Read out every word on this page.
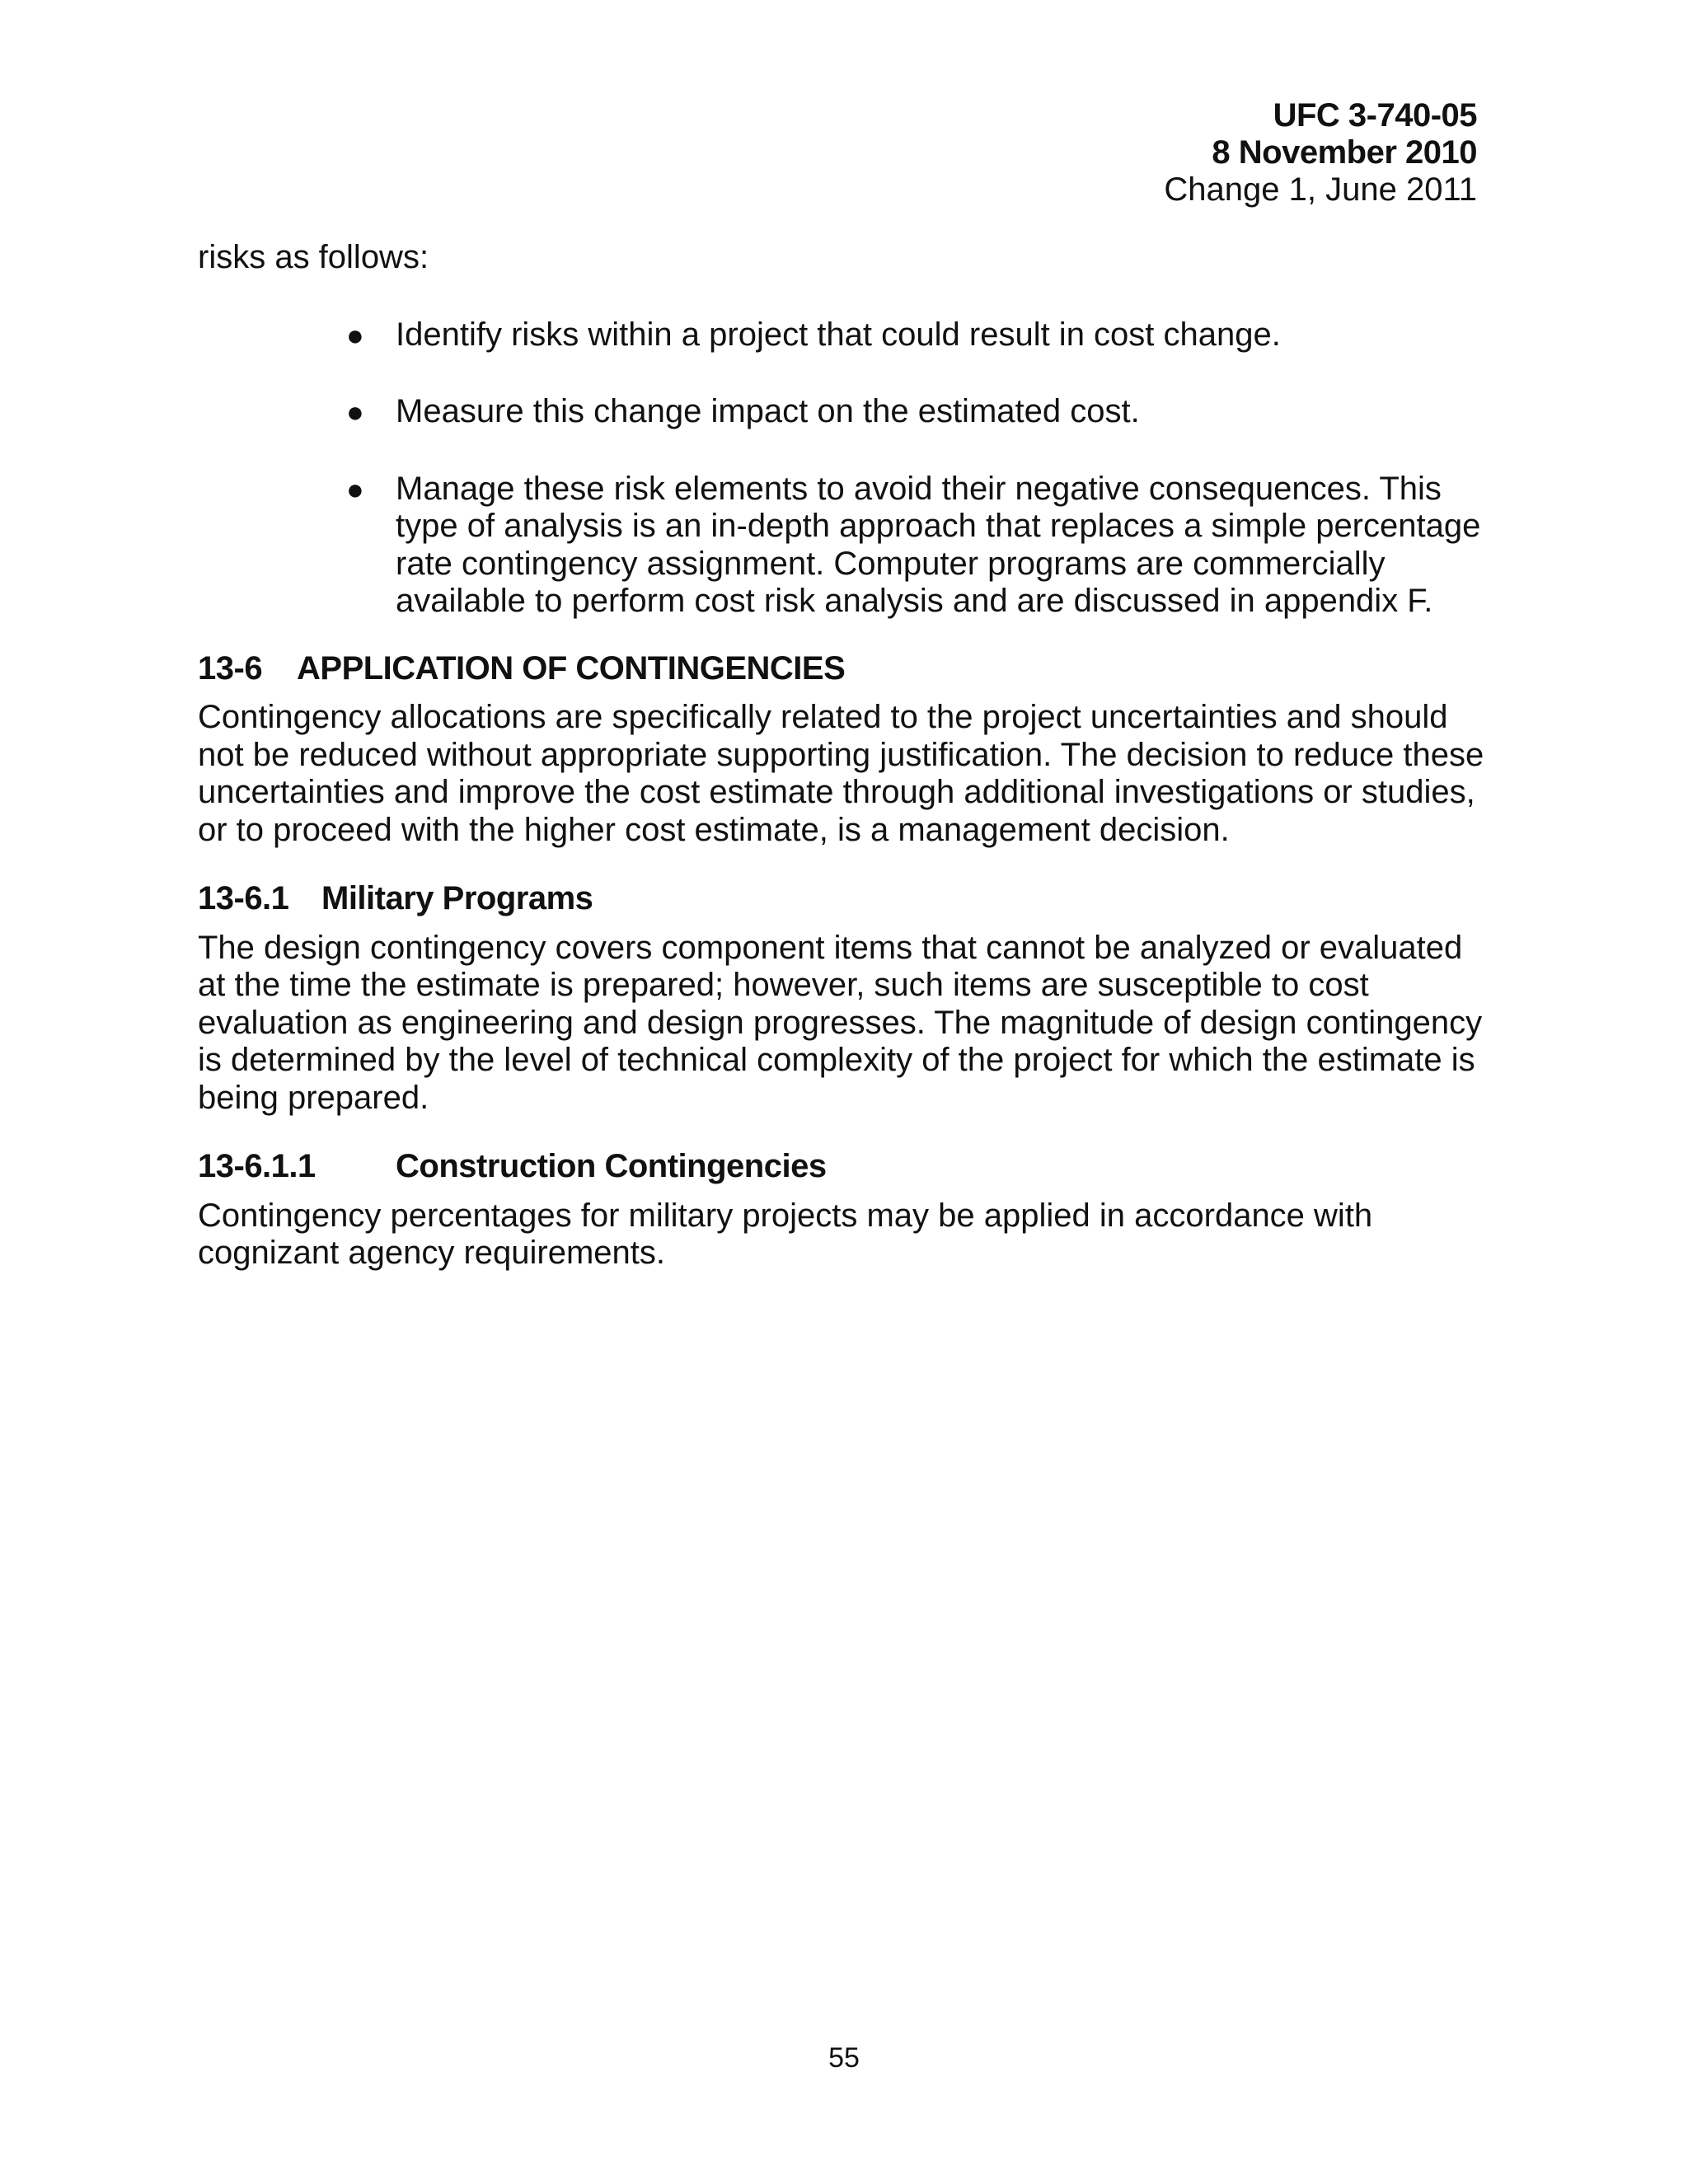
UFC 3-740-05
8 November 2010
Change 1, June 2011

risks as follows:

● Identify risks within a project that could result in cost change.
● Measure this change impact on the estimated cost.
● Manage these risk elements to avoid their negative consequences. This type of analysis is an in-depth approach that replaces a simple percentage rate contingency assignment. Computer programs are commercially available to perform cost risk analysis and are discussed in appendix F.
13-6 APPLICATION OF CONTINGENCIES

Contingency allocations are specifically related to the project uncertainties and should not be reduced without appropriate supporting justification. The decision to reduce these uncertainties and improve the cost estimate through additional investigations or studies, or to proceed with the higher cost estimate, is a management decision.

13-6.1 Military Programs

The design contingency covers component items that cannot be analyzed or evaluated at the time the estimate is prepared; however, such items are susceptible to cost evaluation as engineering and design progresses. The magnitude of design contingency is determined by the level of technical complexity of the project for which the estimate is being prepared.

13-6.1.1 Construction Contingencies

Contingency percentages for military projects may be applied in accordance with cognizant agency requirements.

55
